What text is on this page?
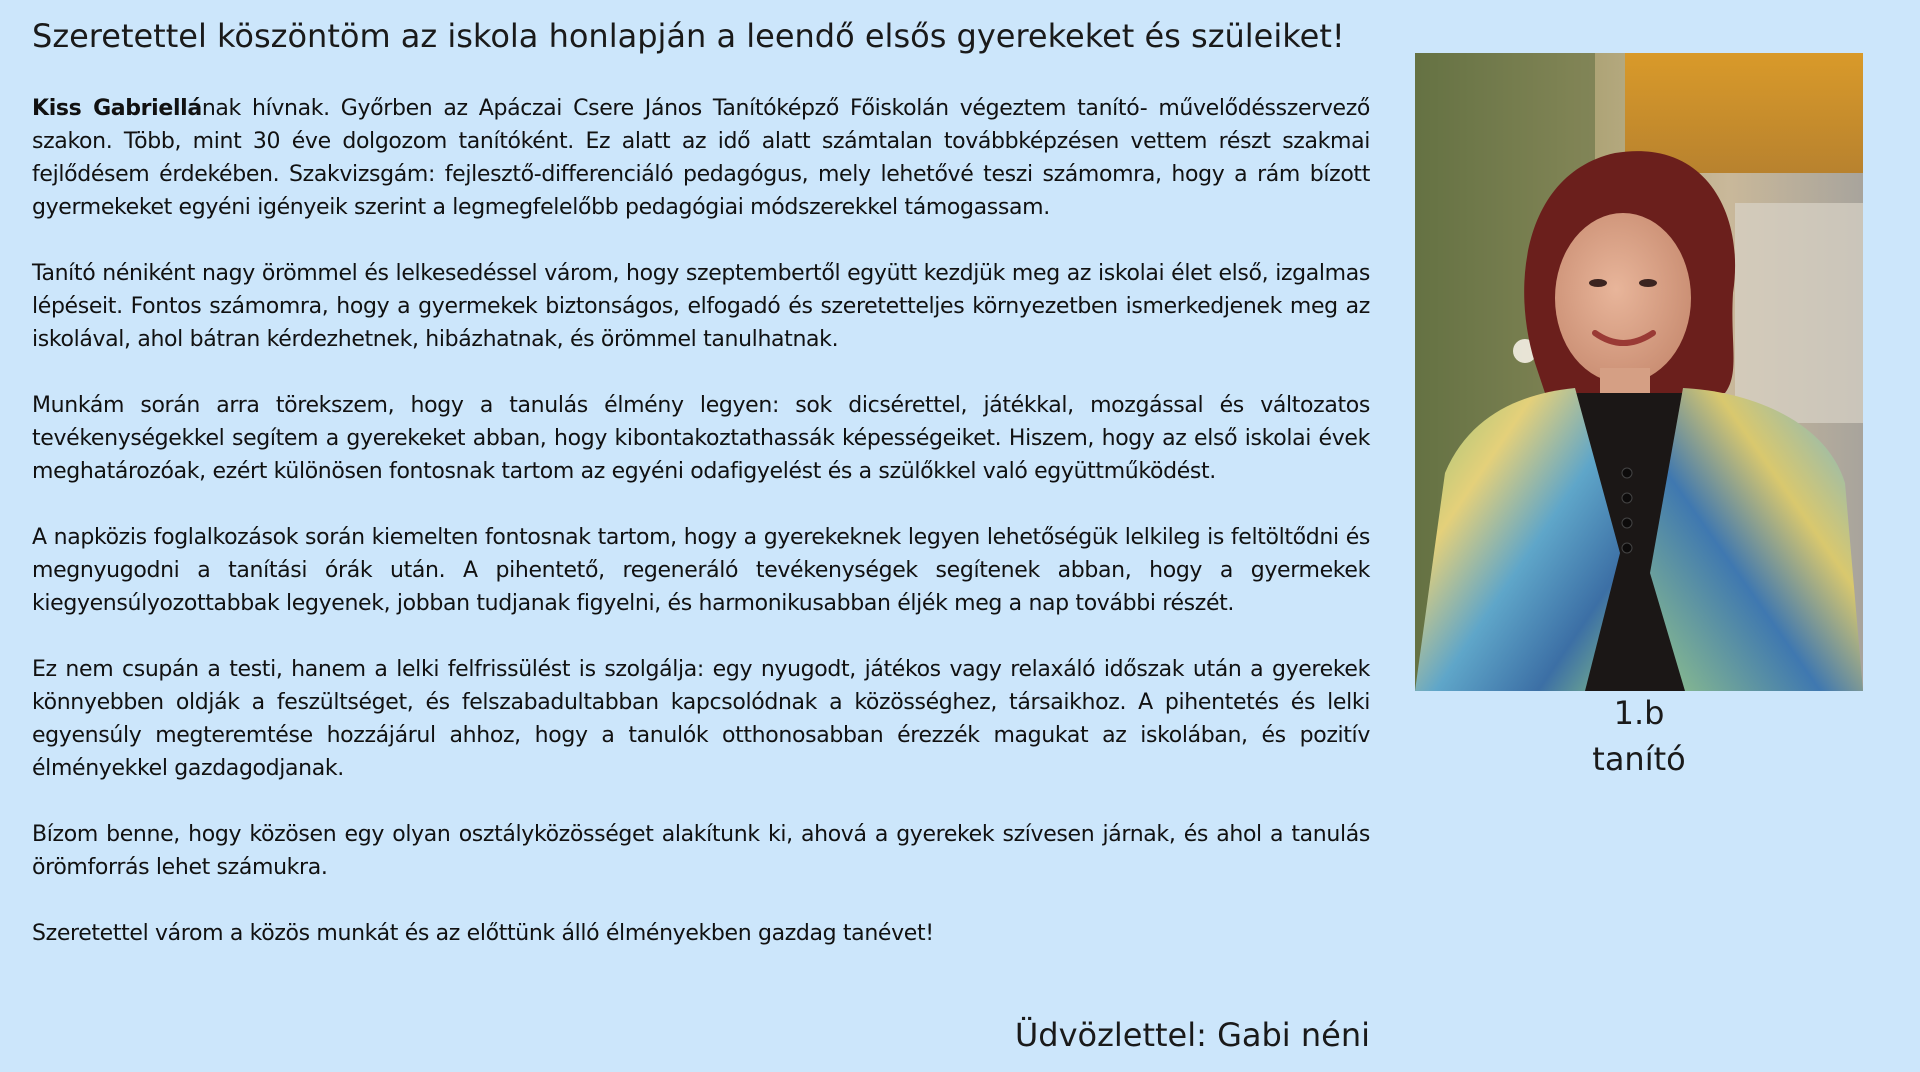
Szeretettel köszöntöm az iskola honlapján a leendő elsős gyerekeket és szüleiket!

Kiss Gabriellának hívnak. Győrben az Apáczai Csere János Tanítóképző Főiskolán végeztem tanító- művelődésszervező szakon. Több, mint 30 éve dolgozom tanítóként. Ez alatt az idő alatt számtalan továbbképzésen vettem részt szakmai fejlődésem érdekében. Szakvizsgám: fejlesztő-differenciáló pedagógus, mely lehetővé teszi számomra, hogy a rám bízott gyermekeket egyéni igényeik szerint a legmegfelelőbb pedagógiai módszerekkel támogassam.

Tanító néniként nagy örömmel és lelkesedéssel várom, hogy szeptembertől együtt kezdjük meg az iskolai élet első, izgalmas lépéseit. Fontos számomra, hogy a gyermekek biztonságos, elfogadó és szeretetteljes környezetben ismerkedjenek meg az iskolával, ahol bátran kérdezhetnek, hibázhatnak, és örömmel tanulhatnak.

Munkám során arra törekszem, hogy a tanulás élmény legyen: sok dicsérettel, játékkal, mozgással és változatos tevékenységekkel segítem a gyerekeket abban, hogy kibontakoztathassák képességeiket. Hiszem, hogy az első iskolai évek meghatározóak, ezért különösen fontosnak tartom az egyéni odafigyelést és a szülőkkel való együttműködést.

A napközis foglalkozások során kiemelten fontosnak tartom, hogy a gyerekeknek legyen lehetőségük lelkileg is feltöltődni és megnyugodni a tanítási órák után. A pihentető, regeneráló tevékenységek segítenek abban, hogy a gyermekek kiegyensúlyozottabbak legyenek, jobban tudjanak figyelni, és harmonikusabban éljék meg a nap további részét.

Ez nem csupán a testi, hanem a lelki felfrissülést is szolgálja: egy nyugodt, játékos vagy relaxáló időszak után a gyerekek könnyebben oldják a feszültséget, és felszabadultabban kapcsolódnak a közösséghez, társaikhoz. A pihentetés és lelki egyensúly megteremtése hozzájárul ahhoz, hogy a tanulók otthonosabban érezzék magukat az iskolában, és pozitív élményekkel gazdagodjanak.

Bízom benne, hogy közösen egy olyan osztályközösséget alakítunk ki, ahová a gyerekek szívesen járnak, és ahol a tanulás örömforrás lehet számukra.

Szeretettel várom a közös munkát és az előttünk álló élményekben gazdag tanévet!

Üdvözlettel: Gabi néni
1.b
tanító
